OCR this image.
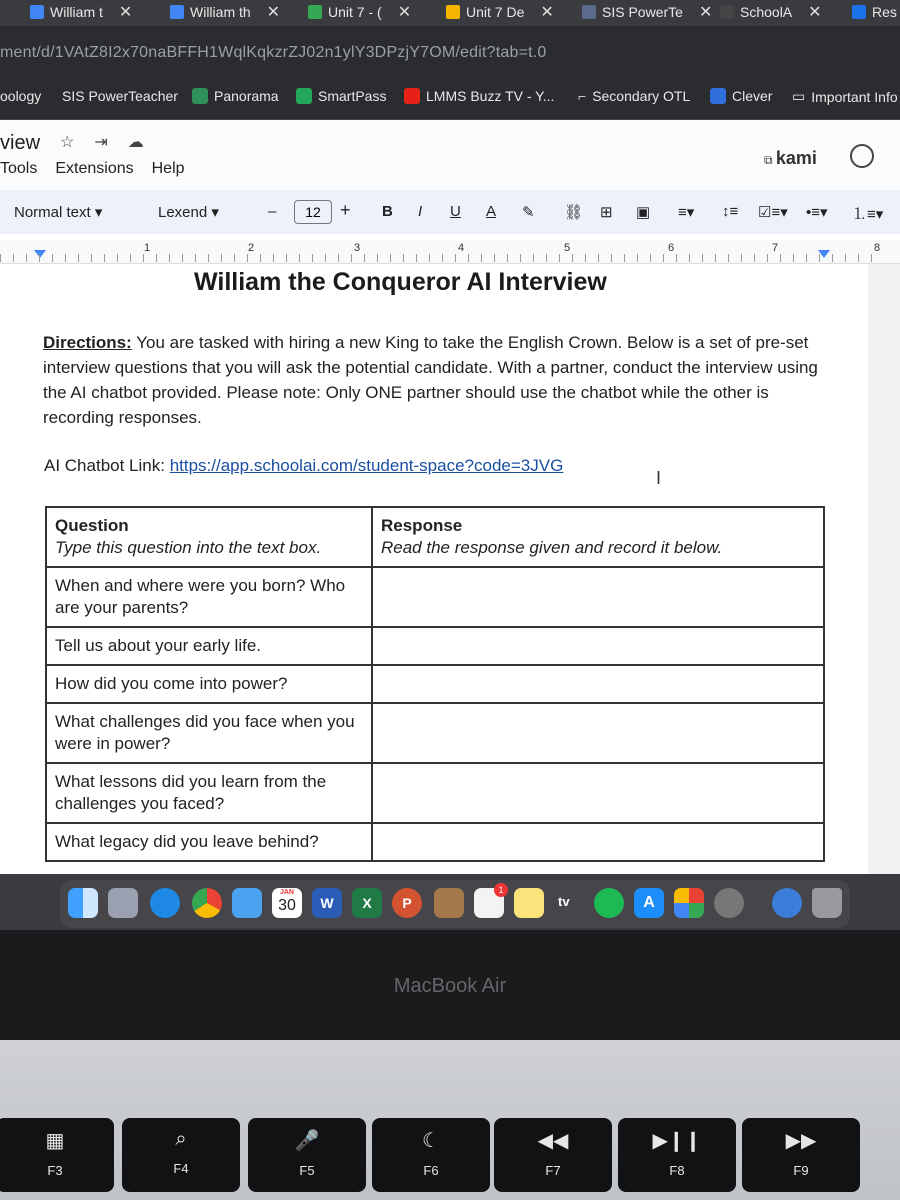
William t ✕	William th ✕	Unit 7 - ( ✕	Unit 7 De ✕	SIS PowerTe ✕ SchoolA ✕	Res
ment/d/1VAtZ8I2x70naBFFH1WqlKqkzrZJ02n1ylY3DPzjY7OM/edit?tab=t.0
oology SIS PowerTeacher	Panorama	SmartPass	LMMS Buzz TV - Y... ⌐ Secondary OTL	Clever ▭ Important Info
view ☆ ⇥ ☁
Tools Extensions Help	⧉ kami
Normal text ▾	Lexend ▾	–	12	+ B I U A ✎ ⛓ ⊞ ▣ ≡▾ ↕≡ ☑≡▾ •≡▾ ⒈≡▾
1	2	3	4	5	6	7	8
William the Conqueror AI Interview

Directions: You are tasked with hiring a new King to take the English Crown. Below is a set of pre-set interview questions that you will ask the potential candidate. With a partner, conduct the interview using the AI chatbot provided. Please note: Only ONE partner should use the chatbot while the other is recording responses.

AI Chatbot Link: https://app.schoolai.com/student-space?code=3JVG
I
Question
Type this question into the text box.	Response
Read the response given and record it below.

When and where were you born? Who are your parents?	
Tell us about your early life.	
How did you come into power?	
What challenges did you face when you were in power?	
What lessons did you learn from the challenges you faced?	
What legacy did you leave behind?	
JAN
30	W	X	P
1
tv	A
MacBook Air
▦
F3
⌕
F4
🎤
F5
☾
F6
◀◀
F7
▶❙❙
F8
▶▶
F9
